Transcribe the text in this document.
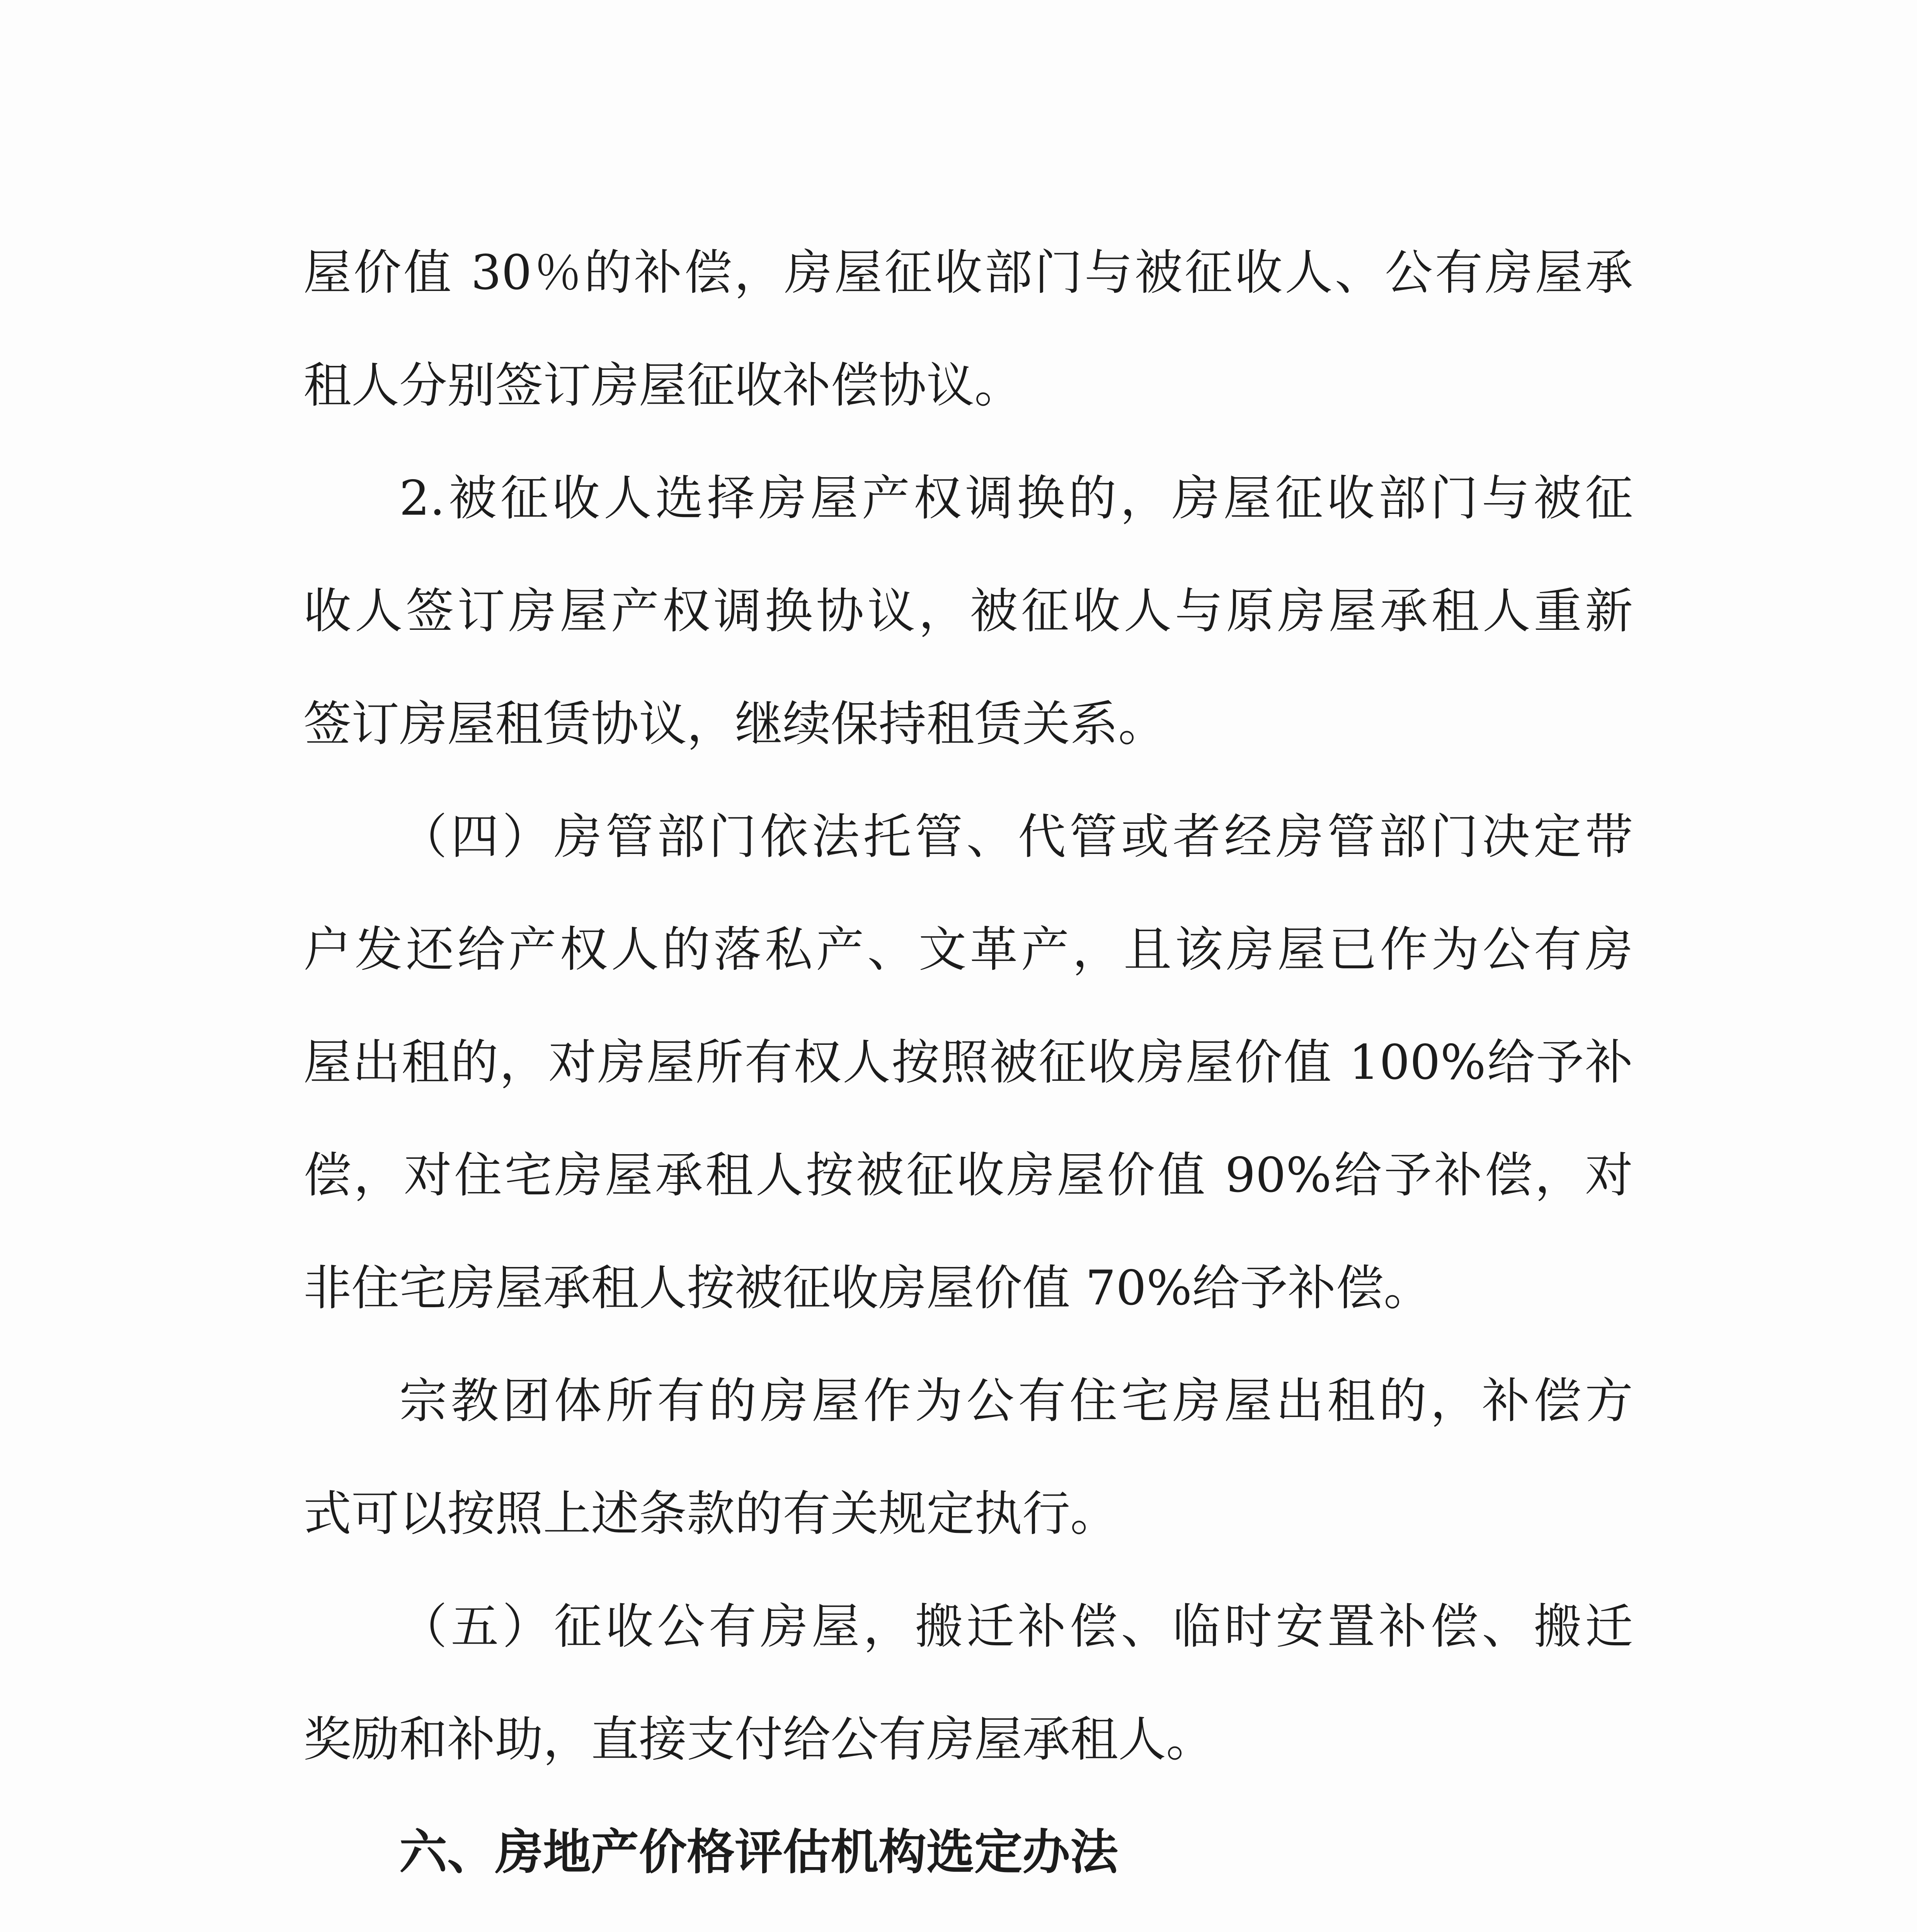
屋价值 30％的补偿，房屋征收部门与被征收人、公有房屋承
租人分别签订房屋征收补偿协议。
2.被征收人选择房屋产权调换的，房屋征收部门与被征
收人签订房屋产权调换协议，被征收人与原房屋承租人重新
签订房屋租赁协议，继续保持租赁关系。
（四）房管部门依法托管、代管或者经房管部门决定带
户发还给产权人的落私产、文革产，且该房屋已作为公有房
屋出租的，对房屋所有权人按照被征收房屋价值 100%给予补
偿，对住宅房屋承租人按被征收房屋价值 90%给予补偿，对
非住宅房屋承租人按被征收房屋价值 70%给予补偿。
宗教团体所有的房屋作为公有住宅房屋出租的，补偿方
式可以按照上述条款的有关规定执行。
（五）征收公有房屋，搬迁补偿、临时安置补偿、搬迁
奖励和补助，直接支付给公有房屋承租人。
六、房地产价格评估机构选定办法
